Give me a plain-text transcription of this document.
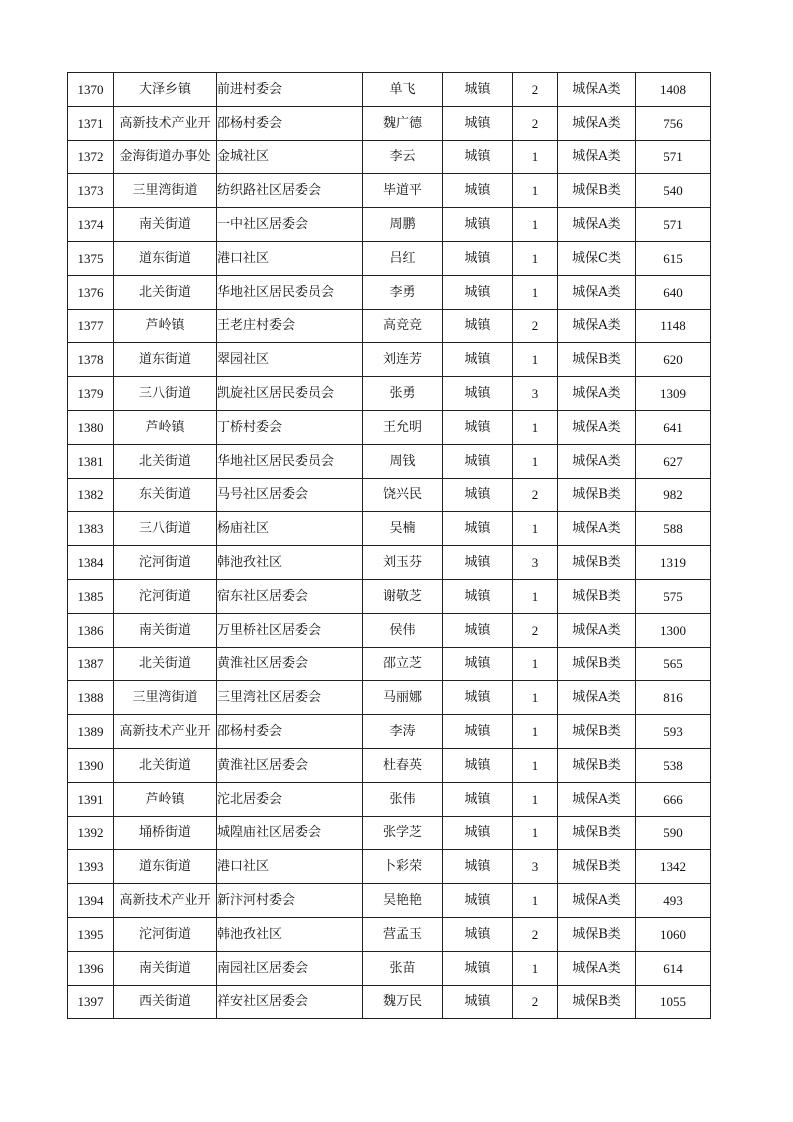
1370	大泽乡镇	前进村委会	单飞	城镇	2	城保A类	1408
1371	高新技术产业开	邵杨村委会	魏广德	城镇	2	城保A类	756
1372	金海街道办事处	金城社区	李云	城镇	1	城保A类	571
1373	三里湾街道	纺织路社区居委会	毕道平	城镇	1	城保B类	540
1374	南关街道	一中社区居委会	周鹏	城镇	1	城保A类	571
1375	道东街道	港口社区	吕红	城镇	1	城保C类	615
1376	北关街道	华地社区居民委员会	李勇	城镇	1	城保A类	640
1377	芦岭镇	王老庄村委会	高竞竞	城镇	2	城保A类	1148
1378	道东街道	翠园社区	刘连芳	城镇	1	城保B类	620
1379	三八街道	凯旋社区居民委员会	张勇	城镇	3	城保A类	1309
1380	芦岭镇	丁桥村委会	王允明	城镇	1	城保A类	641
1381	北关街道	华地社区居民委员会	周钱	城镇	1	城保A类	627
1382	东关街道	马号社区居委会	饶兴民	城镇	2	城保B类	982
1383	三八街道	杨庙社区	吴楠	城镇	1	城保A类	588
1384	沱河街道	韩池孜社区	刘玉芬	城镇	3	城保B类	1319
1385	沱河街道	宿东社区居委会	谢敬芝	城镇	1	城保B类	575
1386	南关街道	万里桥社区居委会	侯伟	城镇	2	城保A类	1300
1387	北关街道	黄淮社区居委会	邵立芝	城镇	1	城保B类	565
1388	三里湾街道	三里湾社区居委会	马丽娜	城镇	1	城保A类	816
1389	高新技术产业开	邵杨村委会	李涛	城镇	1	城保B类	593
1390	北关街道	黄淮社区居委会	杜春英	城镇	1	城保B类	538
1391	芦岭镇	沱北居委会	张伟	城镇	1	城保A类	666
1392	埇桥街道	城隍庙社区居委会	张学芝	城镇	1	城保B类	590
1393	道东街道	港口社区	卜彩荣	城镇	3	城保B类	1342
1394	高新技术产业开	新汴河村委会	吴艳艳	城镇	1	城保A类	493
1395	沱河街道	韩池孜社区	营孟玉	城镇	2	城保B类	1060
1396	南关街道	南园社区居委会	张苗	城镇	1	城保A类	614
1397	西关街道	祥安社区居委会	魏万民	城镇	2	城保B类	1055
